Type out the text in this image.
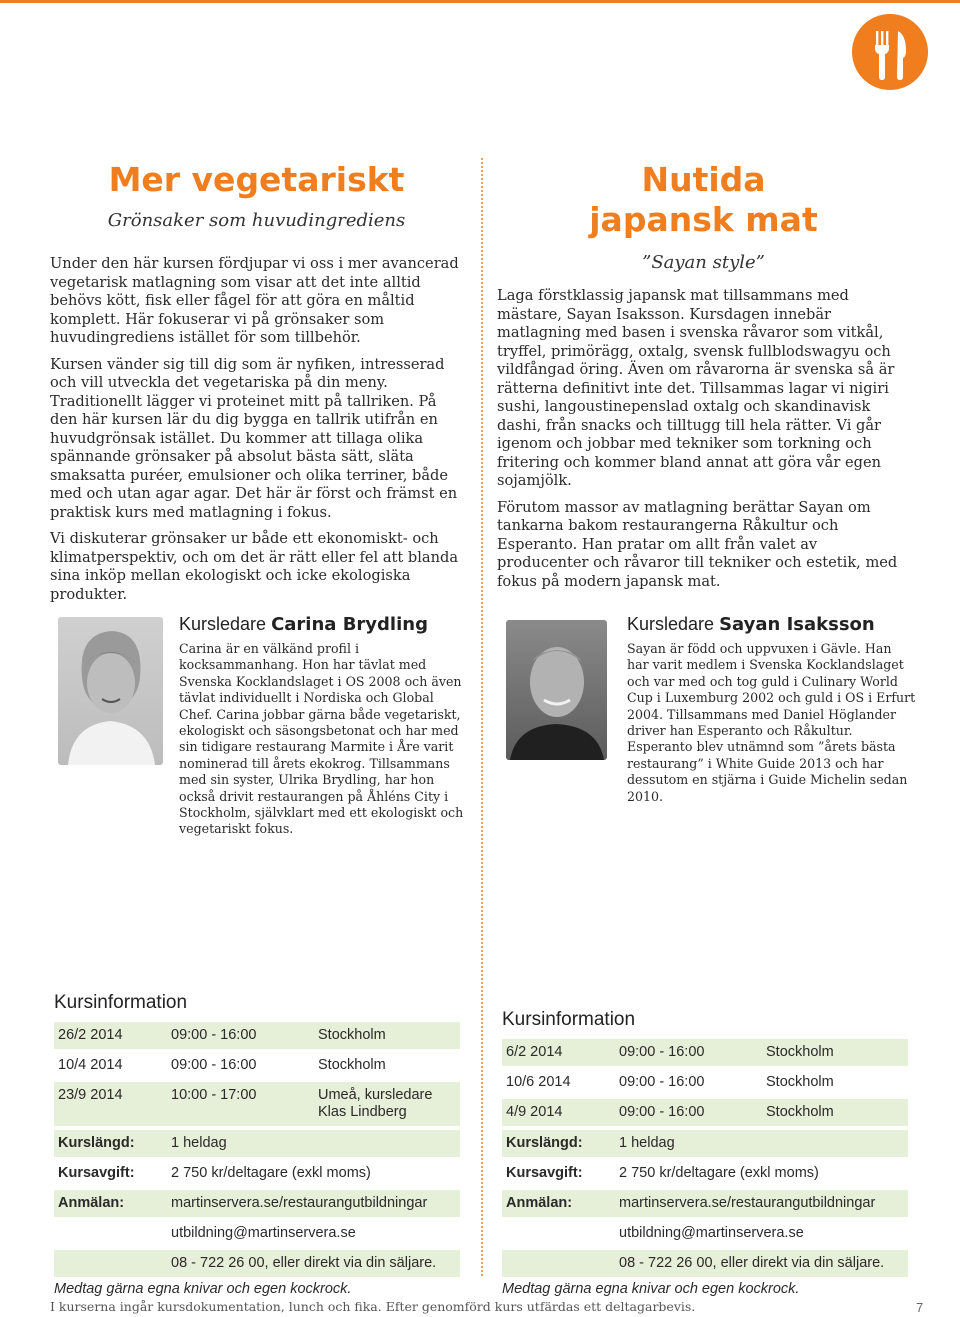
Mer vegetariskt

Grönsaker som huvudingrediens

Under den här kursen fördjupar vi oss i mer avancerad vegetarisk matlagning som visar att det inte alltid behövs kött, fisk eller fågel för att göra en måltid komplett. Här fokuserar vi på grönsaker som huvudingrediens istället för som tillbehör.

Kursen vänder sig till dig som är nyfiken, intresserad och vill utveckla det vegetariska på din meny. Traditionellt lägger vi proteinet mitt på tallriken. På den här kursen lär du dig bygga en tallrik utifrån en huvudgrönsak istället. Du kommer att tillaga olika spännande grönsaker på absolut bästa sätt, släta smaksatta puréer, emulsioner och olika terriner, både med och utan agar agar. Det här är först och främst en praktisk kurs med matlagning i fokus.

Vi diskuterar grönsaker ur både ett ekonomiskt- och klimatperspektiv, och om det är rätt eller fel att blanda sina inköp mellan ekologiskt och icke ekologiska produkter.

Nutida
japansk mat

”Sayan style”

Laga förstklassig japansk mat tillsammans med mästare, Sayan Isaksson. Kursdagen innebär matlagning med basen i svenska råvaror som vitkål, tryffel, primörägg, oxtalg, svensk fullblodswagyu och vildfångad öring. Även om råvarorna är svenska så är rätterna definitivt inte det. Tillsammas lagar vi nigiri sushi, langoustinepenslad oxtalg och skandinavisk dashi, från snacks och tilltugg till hela rätter. Vi går igenom och jobbar med tekniker som torkning och fritering och kommer bland annat att göra vår egen sojamjölk.

Förutom massor av matlagning berättar Sayan om tankarna bakom restaurangerna Råkultur och Esperanto. Han pratar om allt från valet av producenter och råvaror till tekniker och estetik, med fokus på modern japansk mat.

Kursledare Carina Brydling

Carina är en välkänd profil i kocksammanhang. Hon har tävlat med Svenska Kocklandslaget i OS 2008 och även tävlat individuellt i Nordiska och Global Chef. Carina jobbar gärna både vegetariskt, ekologiskt och säsongsbetonat och har med sin tidigare restaurang Marmite i Åre varit nominerad till årets ekokrog. Tillsammans med sin syster, Ulrika Brydling, har hon också drivit restaurangen på Åhléns City i Stockholm, självklart med ett ekologiskt och vegetariskt fokus.

Kursledare Sayan Isaksson

Sayan är född och uppvuxen i Gävle. Han har varit medlem i Svenska Kocklandslaget och var med och tog guld i Culinary World Cup i Luxemburg 2002 och guld i OS i Erfurt 2004. Tillsammans med Daniel Höglander driver han Esperanto och Råkultur. Esperanto blev utnämnd som ”årets bästa restaurang” i White Guide 2013 och har dessutom en stjärna i Guide Michelin sedan 2010.

Kursinformation

26/2 2014	09:00 - 16:00	Stockholm
10/4 2014	09:00 - 16:00	Stockholm
23/9 2014	10:00 - 17:00	Umeå, kursledare Klas Lindberg
Kurslängd:	1 heldag
Kursavgift:	2 750 kr/deltagare (exkl moms)
Anmälan:	martinservera.se/restaurangutbildningar
utbildning@martinservera.se
08 - 722 26 00, eller direkt via din säljare.
Medtag gärna egna knivar och egen kockrock.

Kursinformation

6/2 2014	09:00 - 16:00	Stockholm
10/6 2014	09:00 - 16:00	Stockholm
4/9 2014	09:00 - 16:00	Stockholm
Kurslängd:	1 heldag
Kursavgift:	2 750 kr/deltagare (exkl moms)
Anmälan:	martinservera.se/restaurangutbildningar
utbildning@martinservera.se
08 - 722 26 00, eller direkt via din säljare.
Medtag gärna egna knivar och egen kockrock.
I kurserna ingår kursdokumentation, lunch och fika. Efter genomförd kurs utfärdas ett deltagarbevis.	7
